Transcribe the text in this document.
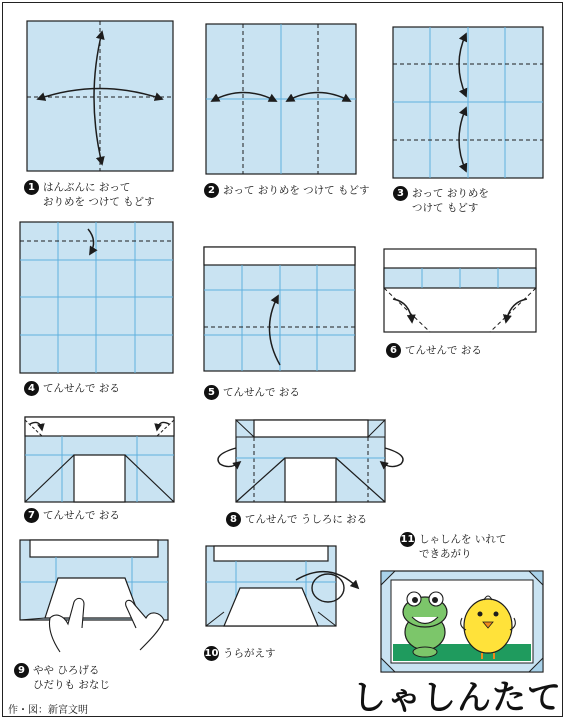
1 はんぶんに おって
おりめを つけて もどす
2 おって おりめを つけて もどす	3 おって おりめを
つけて もどす
4 てんせんで おる	5 てんせんで おる
6 てんせんで おる
7 てんせんで おる	8 てんせんで うしろに おる
9 やや ひろげる
ひだりも おなじ
10 うらがえす
11 しゃしんを いれて
できあがり
しゃしんたて
作・図：新宮文明
